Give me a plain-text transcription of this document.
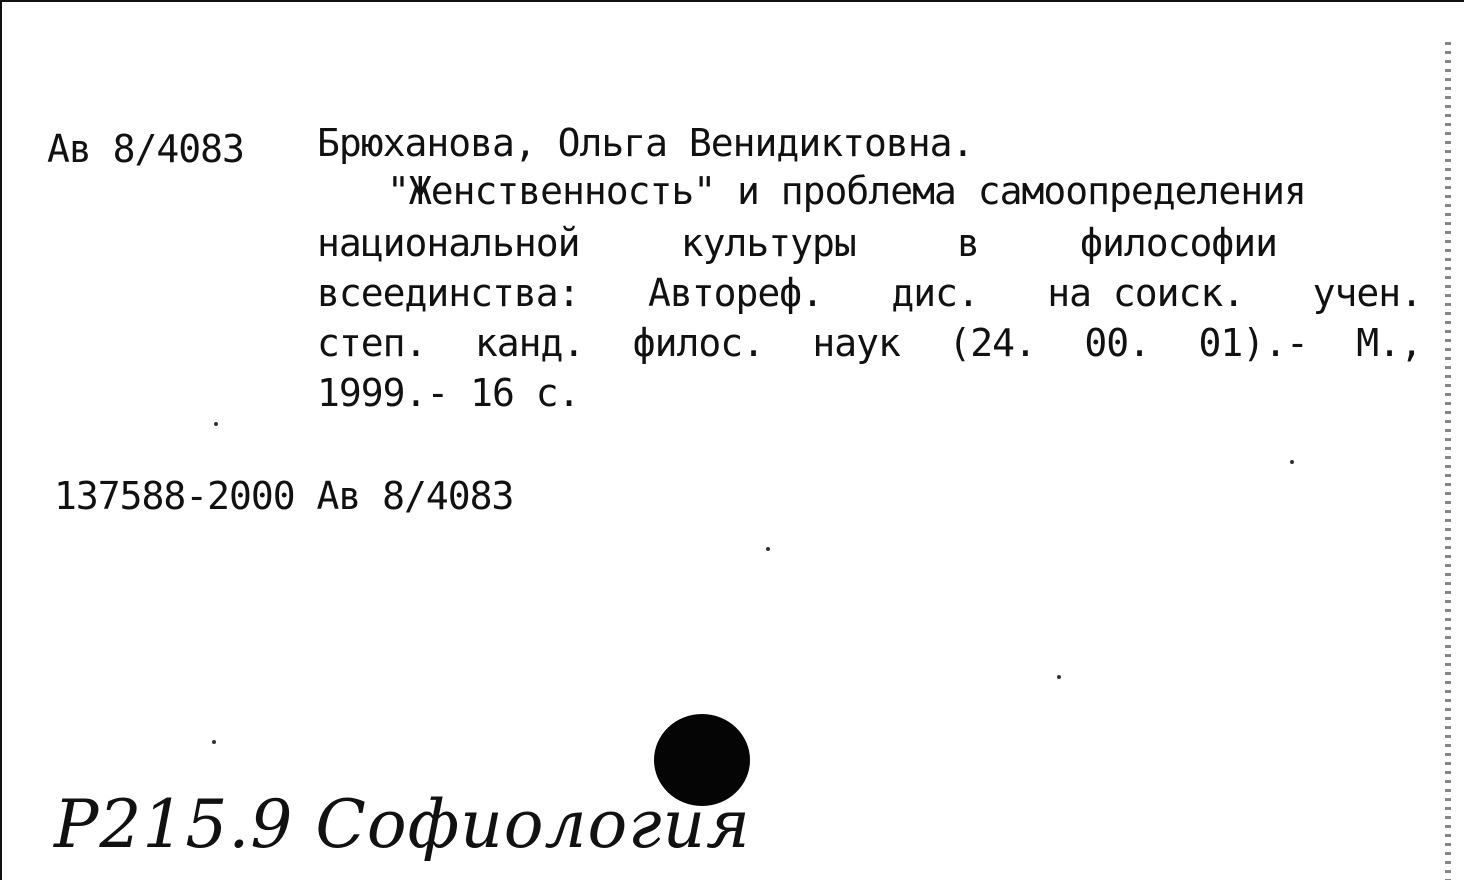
Ав 8/4083 Брюханова, Ольга Венидиктовна.
"Женственность" и проблема самоопределения
национальной	культуры	в	философии
всеединства: Автореф. дис. на соиск. учен.
степ. канд. филос. наук (24. 00. 01).- М.,
1999.- 16 с.
137588-2000 Ав 8/4083
Р215.9 Софиология
